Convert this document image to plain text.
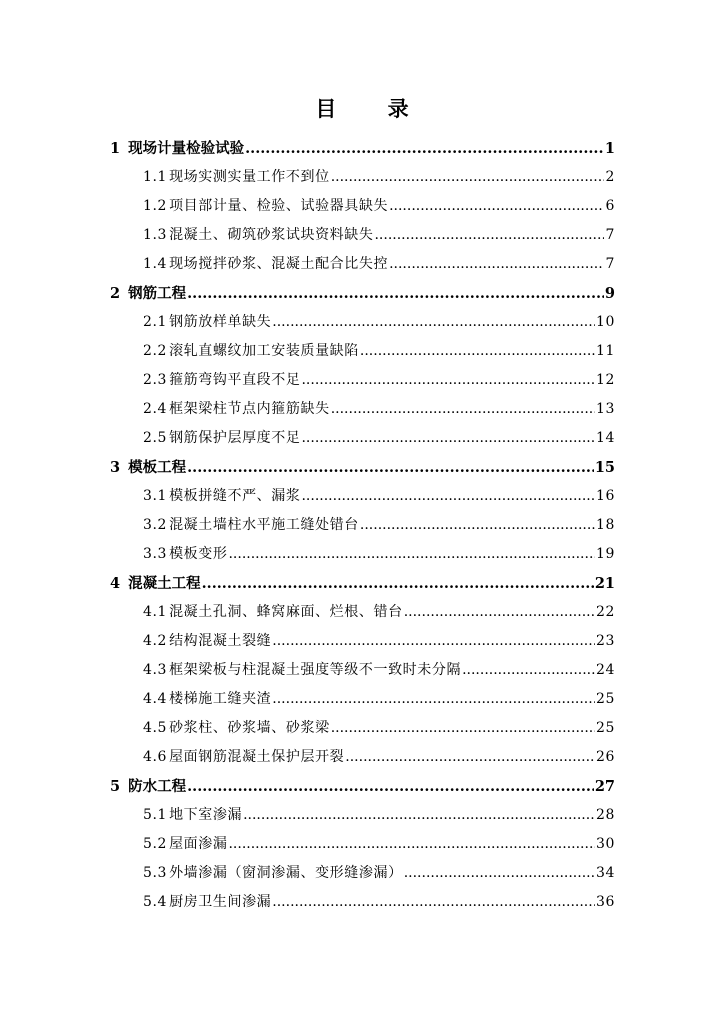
目 录
1 现场计量检验试验 .....	1
1.1 现场实测实量工作不到位 .....	2
1.2 项目部计量、检验、试验器具缺失 .....	6
1.3 混凝土、砌筑砂浆试块资料缺失 .....	7
1.4 现场搅拌砂浆、混凝土配合比失控 .....	7
2 钢筋工程 .....	9
2.1 钢筋放样单缺失 .....	10
2.2 滚轧直螺纹加工安装质量缺陷 .....	11
2.3 箍筋弯钩平直段不足 .....	12
2.4 框架梁柱节点内箍筋缺失 .....	13
2.5 钢筋保护层厚度不足 .....	14
3 模板工程 .....	15
3.1 模板拼缝不严、漏浆 .....	16
3.2 混凝土墙柱水平施工缝处错台 .....	18
3.3 模板变形 .....	19
4 混凝土工程 .....	21
4.1 混凝土孔洞、蜂窝麻面、烂根、错台 .....	22
4.2 结构混凝土裂缝 .....	23
4.3 框架梁板与柱混凝土强度等级不一致时未分隔 .....	24
4.4 楼梯施工缝夹渣 .....	25
4.5 砂浆柱、砂浆墙、砂浆梁 .....	25
4.6 屋面钢筋混凝土保护层开裂 .....	26
5 防水工程 .....	27
5.1 地下室渗漏 .....	28
5.2 屋面渗漏 .....	30
5.3 外墙渗漏（窗洞渗漏、变形缝渗漏） .....	34
5.4 厨房卫生间渗漏 .....	36
